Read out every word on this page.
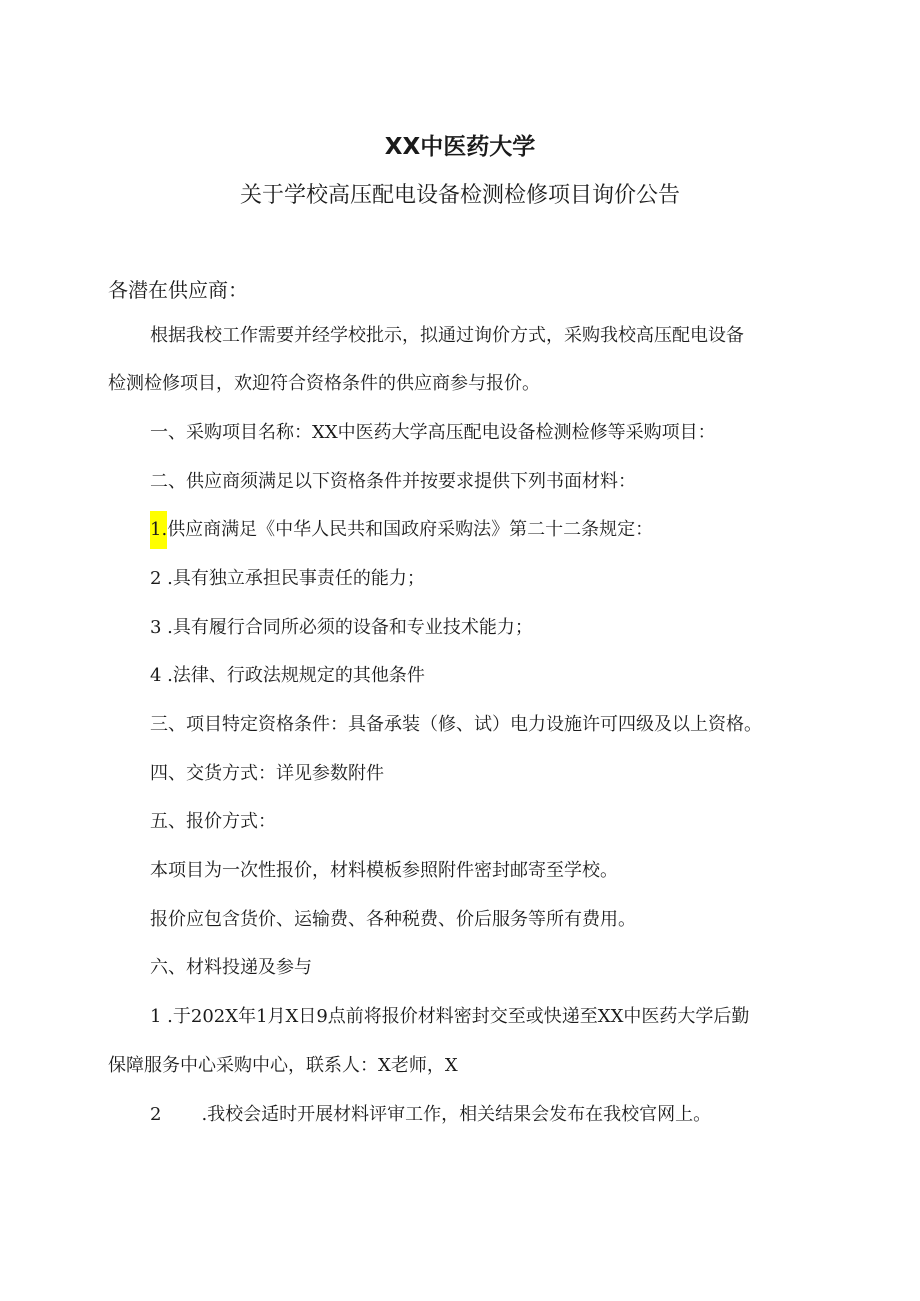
XX中医药大学
关于学校高压配电设备检测检修项目询价公告
各潜在供应商：
根据我校工作需要并经学校批示，拟通过询价方式，采购我校高压配电设备
检测检修项目，欢迎符合资格条件的供应商参与报价。
一、采购项目名称：XX中医药大学高压配电设备检测检修等采购项目：
二、供应商须满足以下资格条件并按要求提供下列书面材料：
1.供应商满足《中华人民共和国政府采购法》第二十二条规定：
2 .具有独立承担民事责任的能力；
3 .具有履行合同所必须的设备和专业技术能力；
4 .法律、行政法规规定的其他条件
三、项目特定资格条件：具备承装（修、试）电力设施许可四级及以上资格。
四、交货方式：详见参数附件
五、报价方式：
本项目为一次性报价，材料模板参照附件密封邮寄至学校。
报价应包含货价、运输费、各种税费、价后服务等所有费用。
六、材料投递及参与
1 .于202X年1月X日9点前将报价材料密封交至或快递至XX中医药大学后勤
保障服务中心采购中心，联系人：X老师，X
2 .我校会适时开展材料评审工作，相关结果会发布在我校官网上。
